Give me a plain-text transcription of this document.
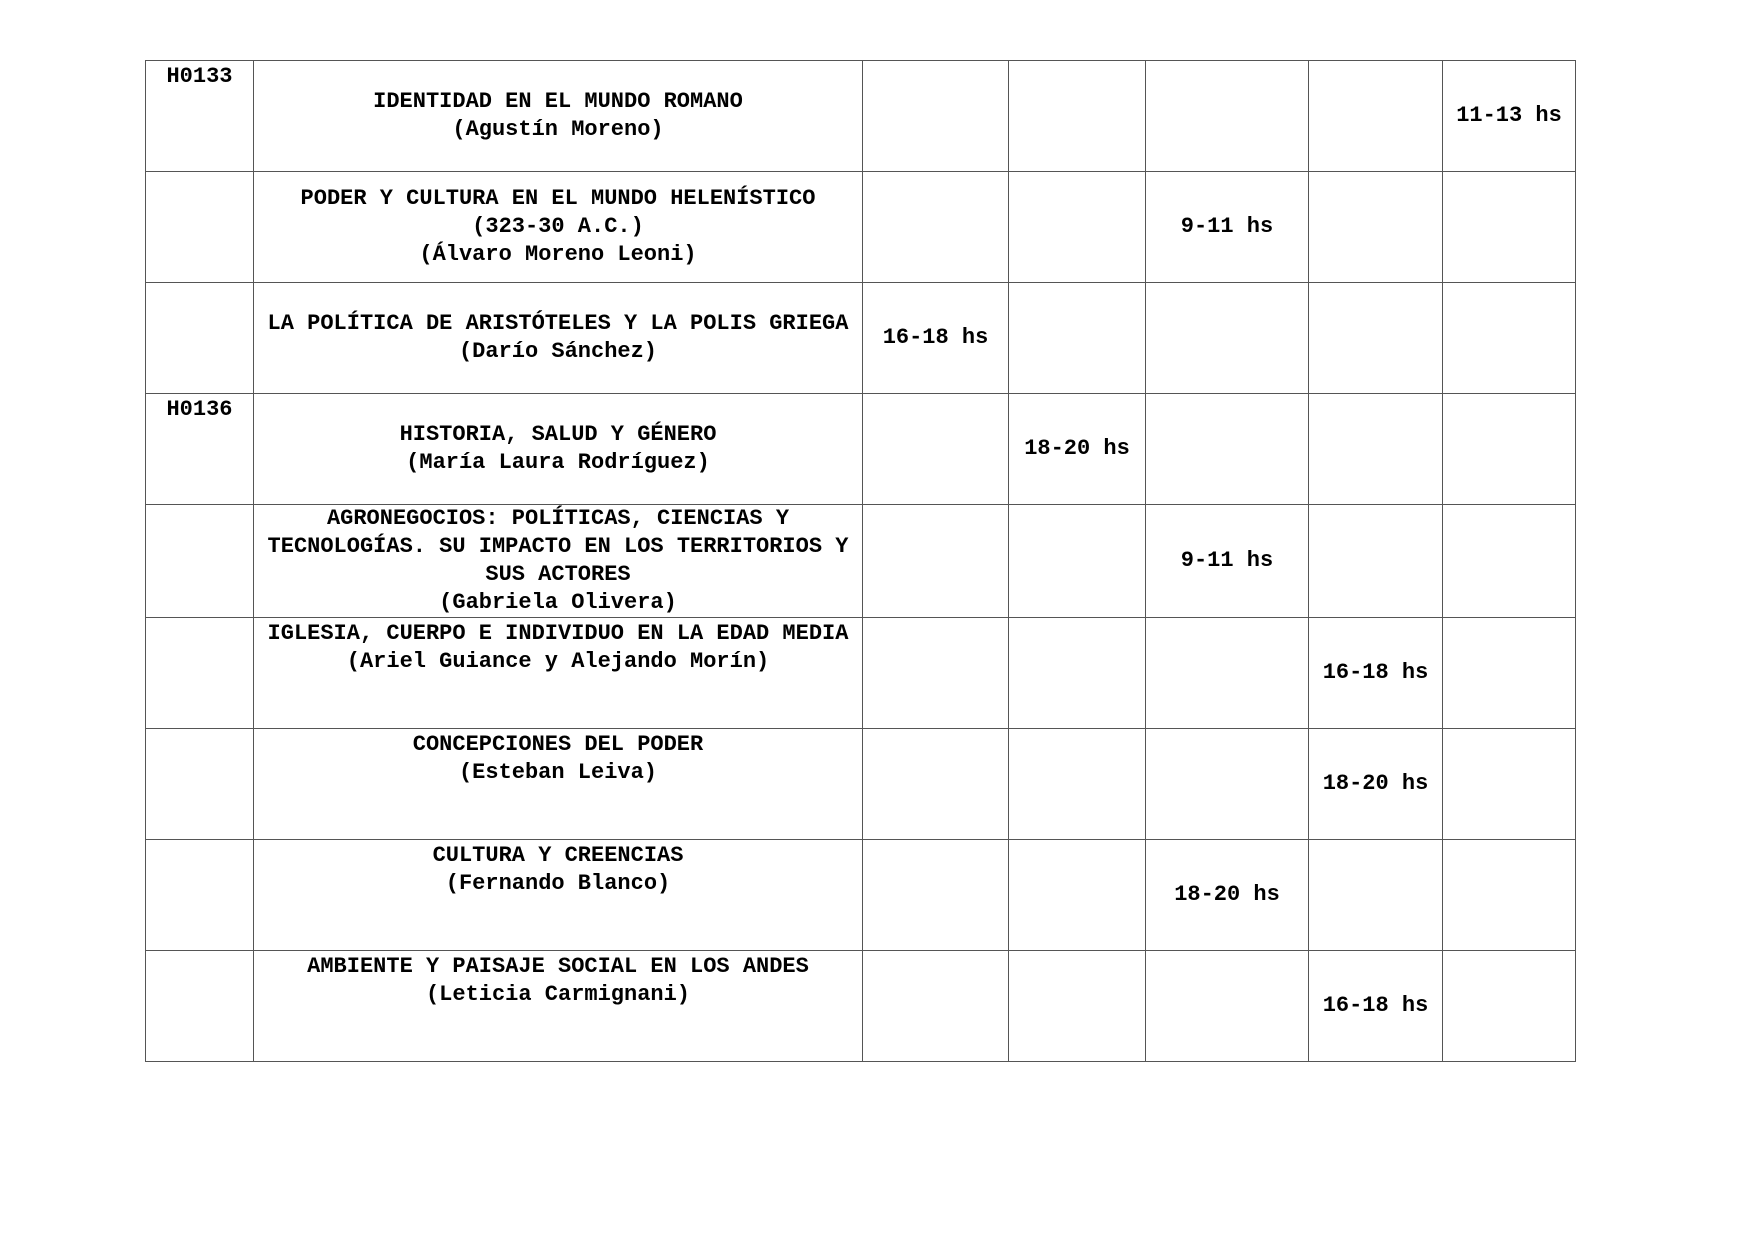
H0133	IDENTIDAD EN EL MUNDO ROMANO
(Agustín Moreno)					11-13 hs

	PODER Y CULTURA EN EL MUNDO HELENÍSTICO (323-30 A.C.)
(Álvaro Moreno Leoni)			9-11 hs		

	LA POLÍTICA DE ARISTÓTELES Y LA POLIS GRIEGA
(Darío Sánchez)	16-18 hs				
H0136	HISTORIA, SALUD Y GÉNERO
(María Laura Rodríguez)		18-20 hs			

	AGRONEGOCIOS: POLÍTICAS, CIENCIAS Y TECNOLOGÍAS. SU IMPACTO EN LOS TERRITORIOS Y SUS ACTORES
(Gabriela Olivera)			9-11 hs		

	IGLESIA, CUERPO E INDIVIDUO EN LA EDAD MEDIA
(Ariel Guiance y Alejando Morín)				16-18 hs	

	CONCEPCIONES DEL PODER
(Esteban Leiva)				18-20 hs	

	CULTURA Y CREENCIAS
(Fernando Blanco)			18-20 hs		

	AMBIENTE Y PAISAJE SOCIAL EN LOS ANDES
(Leticia Carmignani)				16-18 hs	
